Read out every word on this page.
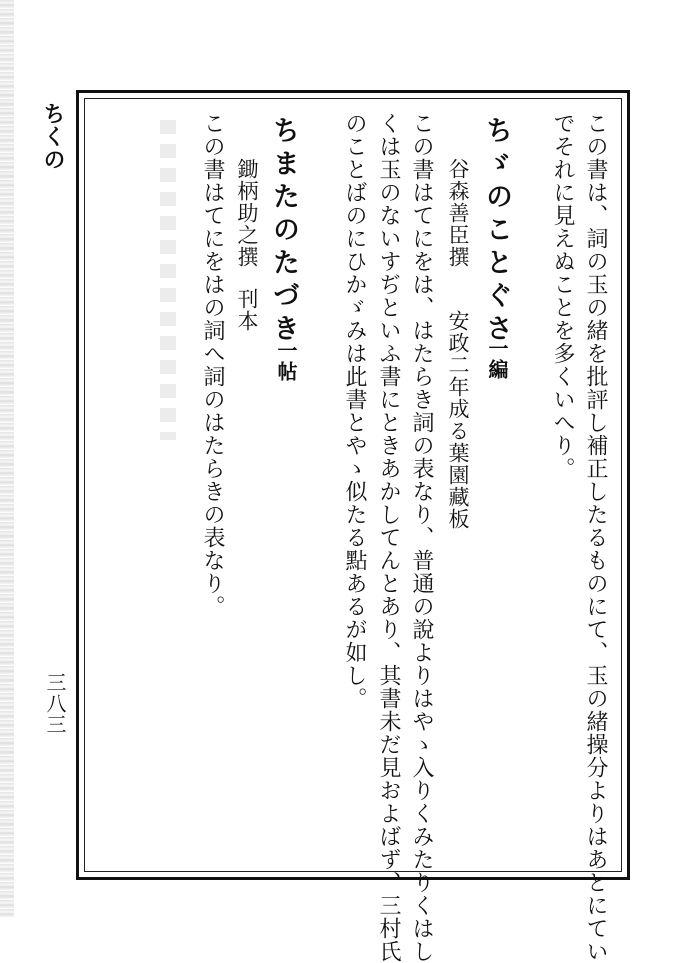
ちくの
三八三	この書は、詞の玉の緒を批評し補正したるものにて、玉の緒操分よりはあとにてい
でそれに見えぬことを多くいへり。
ちゞのことぐさ
一編
谷森善臣撰
安政二年成る葉園藏板
この書はてにをは、はたらき詞の表なり、普通の說よりはやゝ入りくみたりくはし
くは玉のないすぢといふ書にときあかしてんとあり、其書未だ見およばず、三村氏
のことばのにひかゞみは此書とやゝ似たる點あるが如し。
ちまたのたづき
一帖
鋤柄助之撰
刊本
この書はてにをはの詞へ詞のはたらきの表なり。
